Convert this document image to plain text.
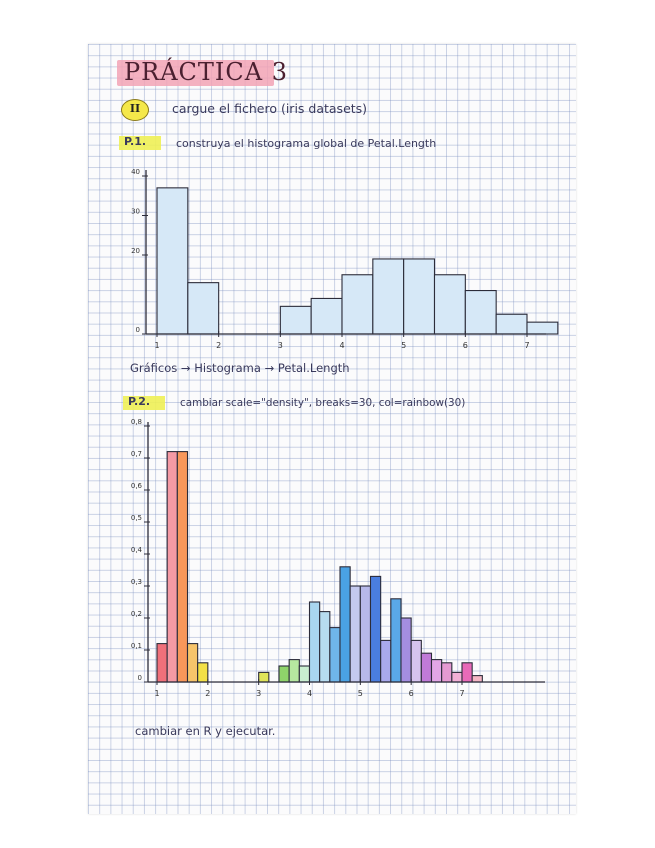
PRÁCTICA 3
II	cargue el fichero (iris datasets)
P.1.	construya el histograma global de Petal.Length
Gráficos → Histograma → Petal.Length
P.2.	cambiar scale="density", breaks=30, col=rainbow(30)
cambiar en R y ejecutar.
1	2	3	4	5	6	7
0
20
30
40
1	2	3	4	5	6	7
0
0,1
0,2
0,3
0,4
0,5
0,6
0,7
0,8
